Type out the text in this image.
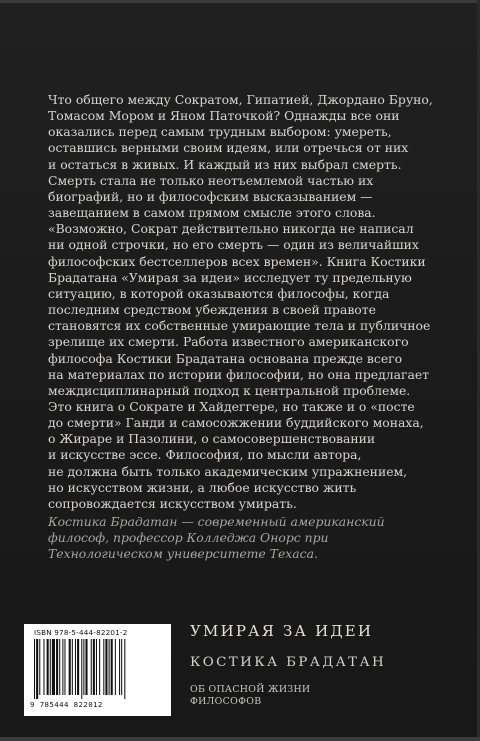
Что общего между Сократом, Гипатией, Джордано Бруно,

Томасом Мором и Яном Паточкой? Однажды все они

оказались перед самым трудным выбором: умереть,

оставшись верными своим идеям, или отречься от них

и остаться в живых. И каждый из них выбрал смерть.

Смерть стала не только неотъемлемой частью их

биографий, но и философским высказыванием —

завещанием в самом прямом смысле этого слова.

«Возможно, Сократ действительно никогда не написал

ни одной строчки, но его смерть — один из величайших

философских бестселлеров всех времен». Книга Костики

Брадатана «Умирая за идеи» исследует ту предельную

ситуацию, в которой оказываются философы, когда

последним средством убеждения в своей правоте

становятся их собственные умирающие тела и публичное

зрелище их смерти. Работа известного американского

философа Костики Брадатана основана прежде всего

на материалах по истории философии, но она предлагает

междисциплинарный подход к центральной проблеме.

Это книга о Сократе и Хайдеггере, но также и о «посте

до смерти» Ганди и самосожжении буддийского монаха,

о Жираре и Пазолини, о самосовершенствовании

и искусстве эссе. Философия, по мысли автора,

не должна быть только академическим упражнением,

но искусством жизни, а любое искусство жить

сопровождается искусством умирать.

Костика Брадатан — современный американский

философ, профессор Колледжа Онорс при

Технологическом университете Техаса.

ISBN 978-5-444-82201-2
9 785444 822012
УМИРАЯ ЗА ИДЕИ
КОСТИКА БРАДАТАН
ОБ ОПАСНОЙ ЖИЗНИ
ФИЛОСОФОВ
